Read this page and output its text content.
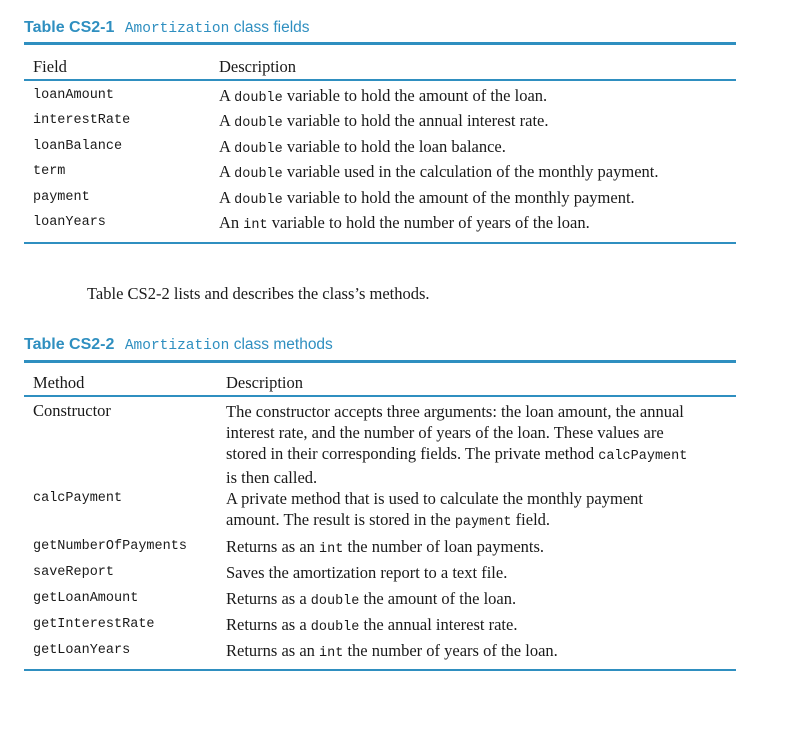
Table CS2-1 Amortization class fields
Field	Description
loanAmount	A double variable to hold the amount of the loan.
interestRate	A double variable to hold the annual interest rate.
loanBalance	A double variable to hold the loan balance.
term	A double variable used in the calculation of the monthly payment.
payment	A double variable to hold the amount of the monthly payment.
loanYears	An int variable to hold the number of years of the loan.
Table CS2-2 lists and describes the class’s methods.
Table CS2-2 Amortization class methods
Method	Description
Constructor	The constructor accepts three arguments: the loan amount, the annual
interest rate, and the number of years of the loan. These values are
stored in their corresponding fields. The private method calcPayment
is then called.
calcPayment	A private method that is used to calculate the monthly payment
amount. The result is stored in the payment field.
getNumberOfPayments Returns as an int the number of loan payments.
saveReport	Saves the amortization report to a text file.
getLoanAmount	Returns as a double the amount of the loan.
getInterestRate	Returns as a double the annual interest rate.
getLoanYears	Returns as an int the number of years of the loan.
